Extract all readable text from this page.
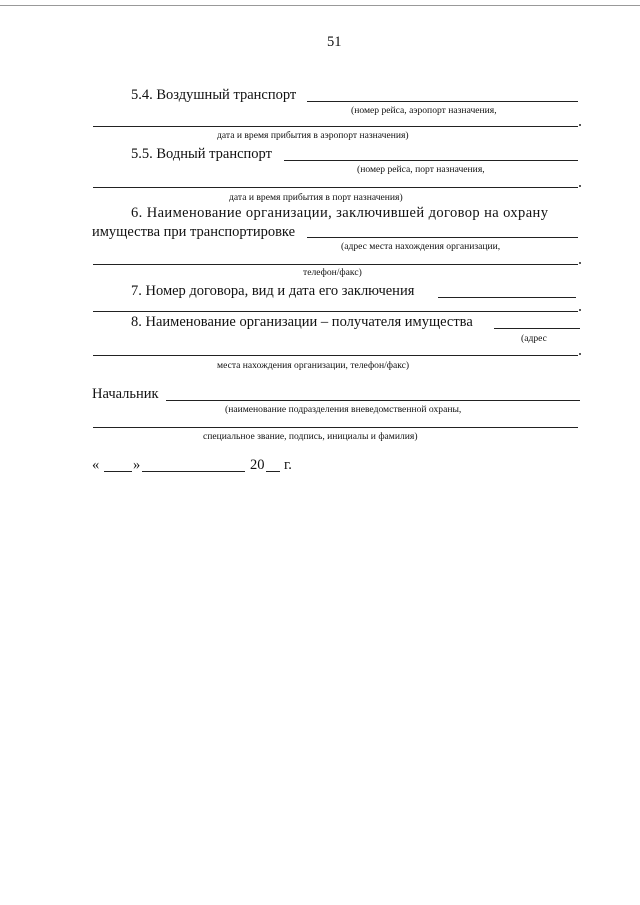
51
5.4. Воздушный транспорт
(номер рейса, аэропорт назначения,
дата и время прибытия в аэропорт назначения)
5.5. Водный транспорт
(номер рейса, порт назначения,
дата и время прибытия в порт назначения)
6. Наименование организации, заключившей договор на охрану
имущества при транспортировке
(адрес места нахождения организации,
телефон/факс)
7. Номер договора, вид и дата его заключения
8. Наименование организации – получателя имущества
(адрес
места нахождения организации, телефон/факс)
Начальник
(наименование подразделения вневедомственной охраны,
специальное звание, подпись, инициалы и фамилия)
« »	20 г.
